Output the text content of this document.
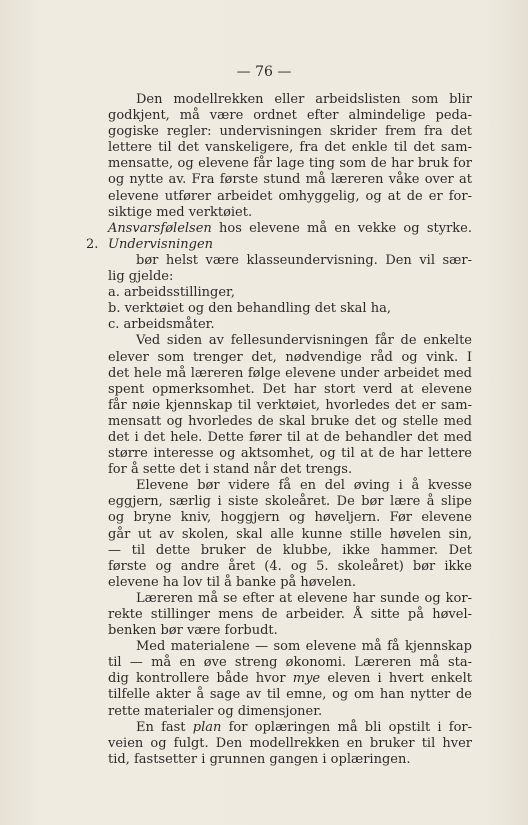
— 76 —
Den modellrekken eller arbeidslisten som blir
godkjent, må være ordnet efter almindelige peda-
gogiske regler: undervisningen skrider frem fra det
lettere til det vanskeligere, fra det enkle til det sam-
mensatte, og elevene får lage ting som de har bruk for
og nytte av. Fra første stund må læreren våke over at
elevene utfører arbeidet omhyggelig, og at de er for-
siktige med verktøiet.
Ansvarsfølelsen hos elevene må en vekke og styrke.
2. Undervisningen
bør helst være klasseundervisning. Den vil sær-
lig gjelde:
a. arbeidsstillinger,
b. verktøiet og den behandling det skal ha,
c. arbeidsmåter.
Ved siden av fellesundervisningen får de enkelte
elever som trenger det, nødvendige råd og vink. I
det hele må læreren følge elevene under arbeidet med
spent opmerksomhet. Det har stort verd at elevene
får nøie kjennskap til verktøiet, hvorledes det er sam-
mensatt og hvorledes de skal bruke det og stelle med
det i det hele. Dette fører til at de behandler det med
større interesse og aktsomhet, og til at de har lettere
for å sette det i stand når det trengs.
Elevene bør videre få en del øving i å kvesse
eggjern, særlig i siste skoleåret. De bør lære å slipe
og bryne kniv, hoggjern og høveljern. Før elevene
går ut av skolen, skal alle kunne stille høvelen sin,
— til dette bruker de klubbe, ikke hammer. Det
første og andre året (4. og 5. skoleåret) bør ikke
elevene ha lov til å banke på høvelen.
Læreren må se efter at elevene har sunde og kor-
rekte stillinger mens de arbeider. Å sitte på høvel-
benken bør være forbudt.
Med materialene — som elevene må få kjennskap
til — må en øve streng økonomi. Læreren må sta-
dig kontrollere både hvor mye eleven i hvert enkelt
tilfelle akter å sage av til emne, og om han nytter de
rette materialer og dimensjoner.
En fast plan for oplæringen må bli opstilt i for-
veien og fulgt. Den modellrekken en bruker til hver
tid, fastsetter i grunnen gangen i oplæringen.
